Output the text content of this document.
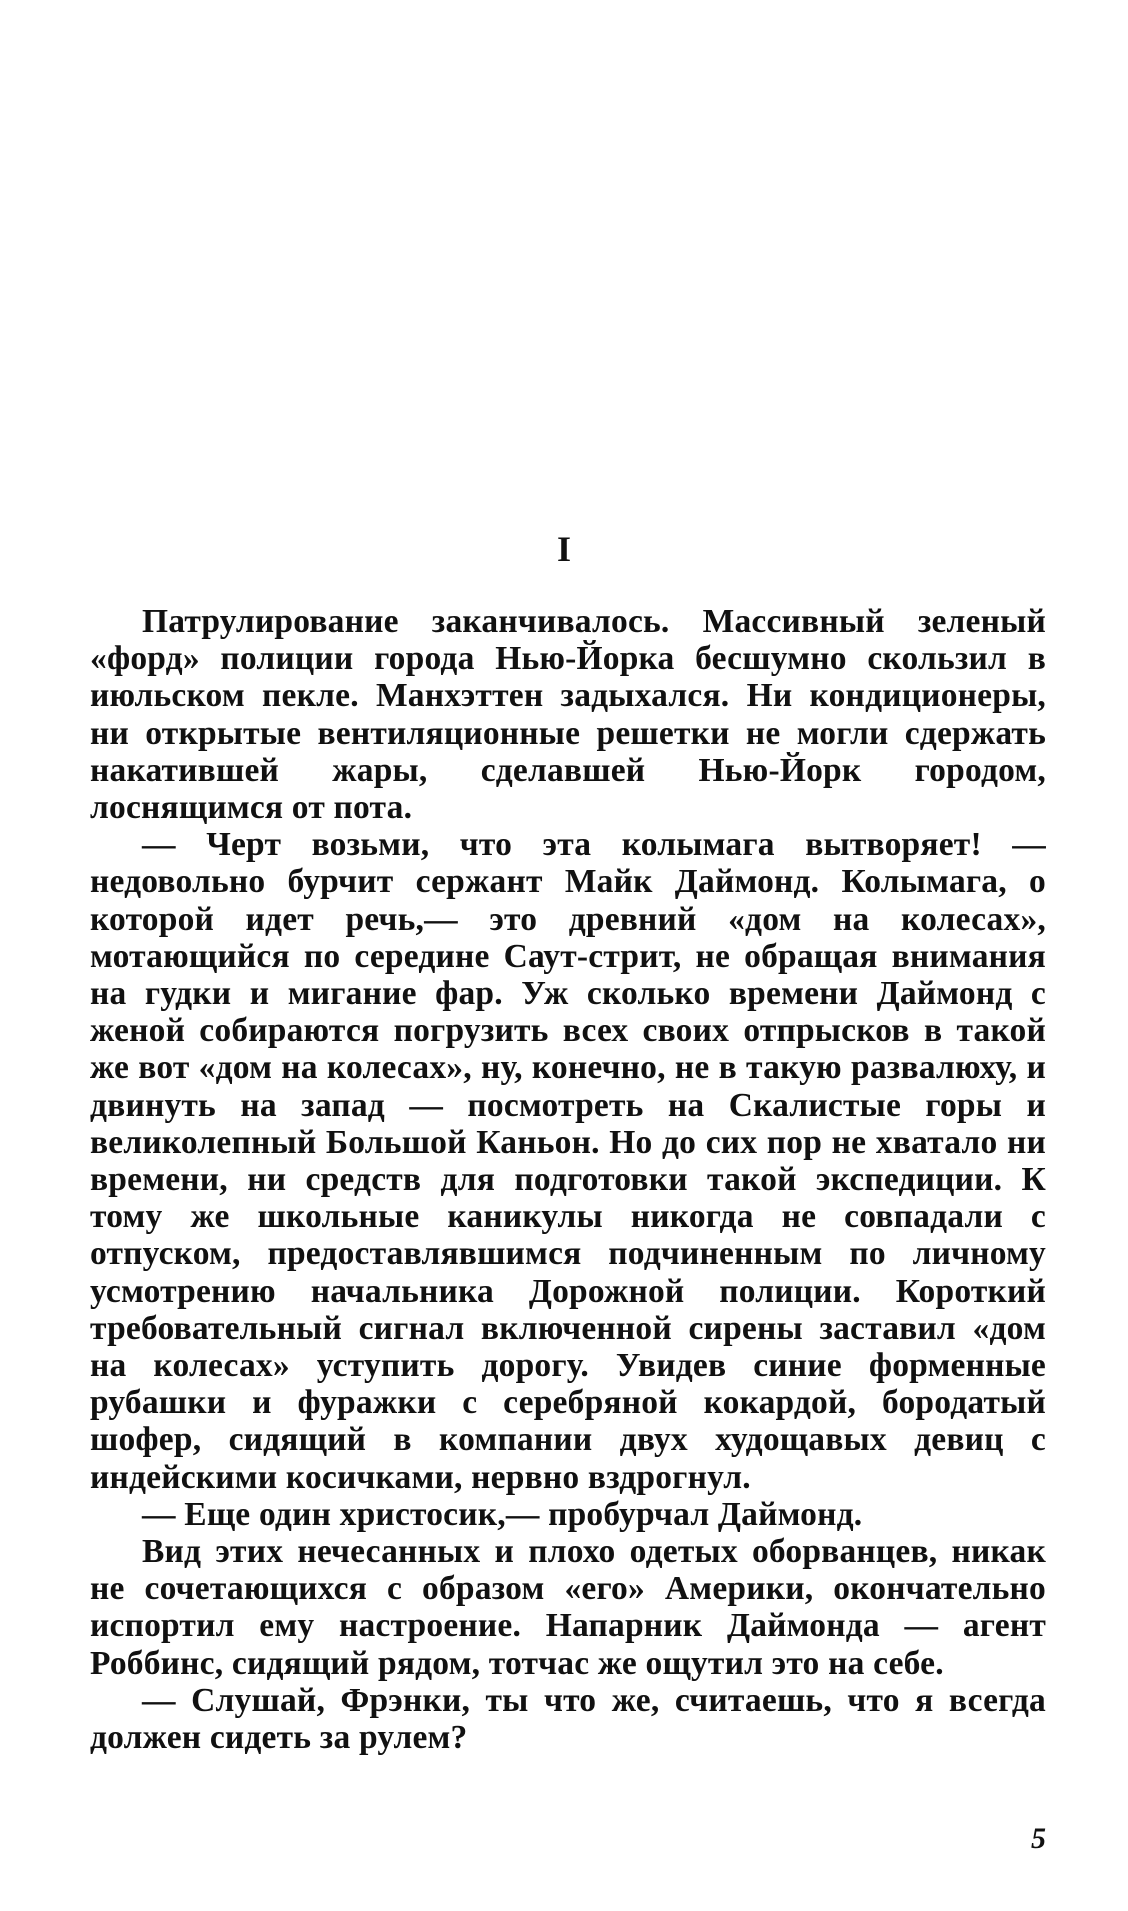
I

Патрулирование заканчивалось. Массивный зеленый «форд» полиции города Нью-Йорка бесшумно скользил в июльском пекле. Манхэттен задыхался. Ни кондиционеры, ни открытые вентиляционные решетки не могли сдержать накатившей жары, сделавшей Нью-Йорк городом, лоснящимся от пота.

— Черт возьми, что эта колымага вытворяет! — недовольно бурчит сержант Майк Даймонд. Колымага, о которой идет речь,— это древний «дом на колесах», мотающийся по середине Саут-стрит, не обращая внимания на гудки и мигание фар. Уж сколько времени Даймонд с женой собираются погрузить всех своих отпрысков в такой же вот «дом на колесах», ну, конечно, не в такую развалюху, и двинуть на запад — посмотреть на Скалистые горы и великолепный Большой Каньон. Но до сих пор не хватало ни времени, ни средств для подготовки такой экспедиции. К тому же школьные каникулы никогда не совпадали с отпуском, предоставлявшимся подчиненным по личному усмотрению начальника Дорожной полиции. Короткий требовательный сигнал включенной сирены заставил «дом на колесах» уступить дорогу. Увидев синие форменные рубашки и фуражки с серебряной кокардой, бородатый шофер, сидящий в компании двух худощавых девиц с индейскими косичками, нервно вздрогнул.

— Еще один христосик,— пробурчал Даймонд.

Вид этих нечесанных и плохо одетых оборванцев, никак не сочетающихся с образом «его» Америки, окончательно испортил ему настроение. Напарник Даймонда — агент Роббинс, сидящий рядом, тотчас же ощутил это на себе.

— Слушай, Фрэнки, ты что же, считаешь, что я всегда должен сидеть за рулем?

5
